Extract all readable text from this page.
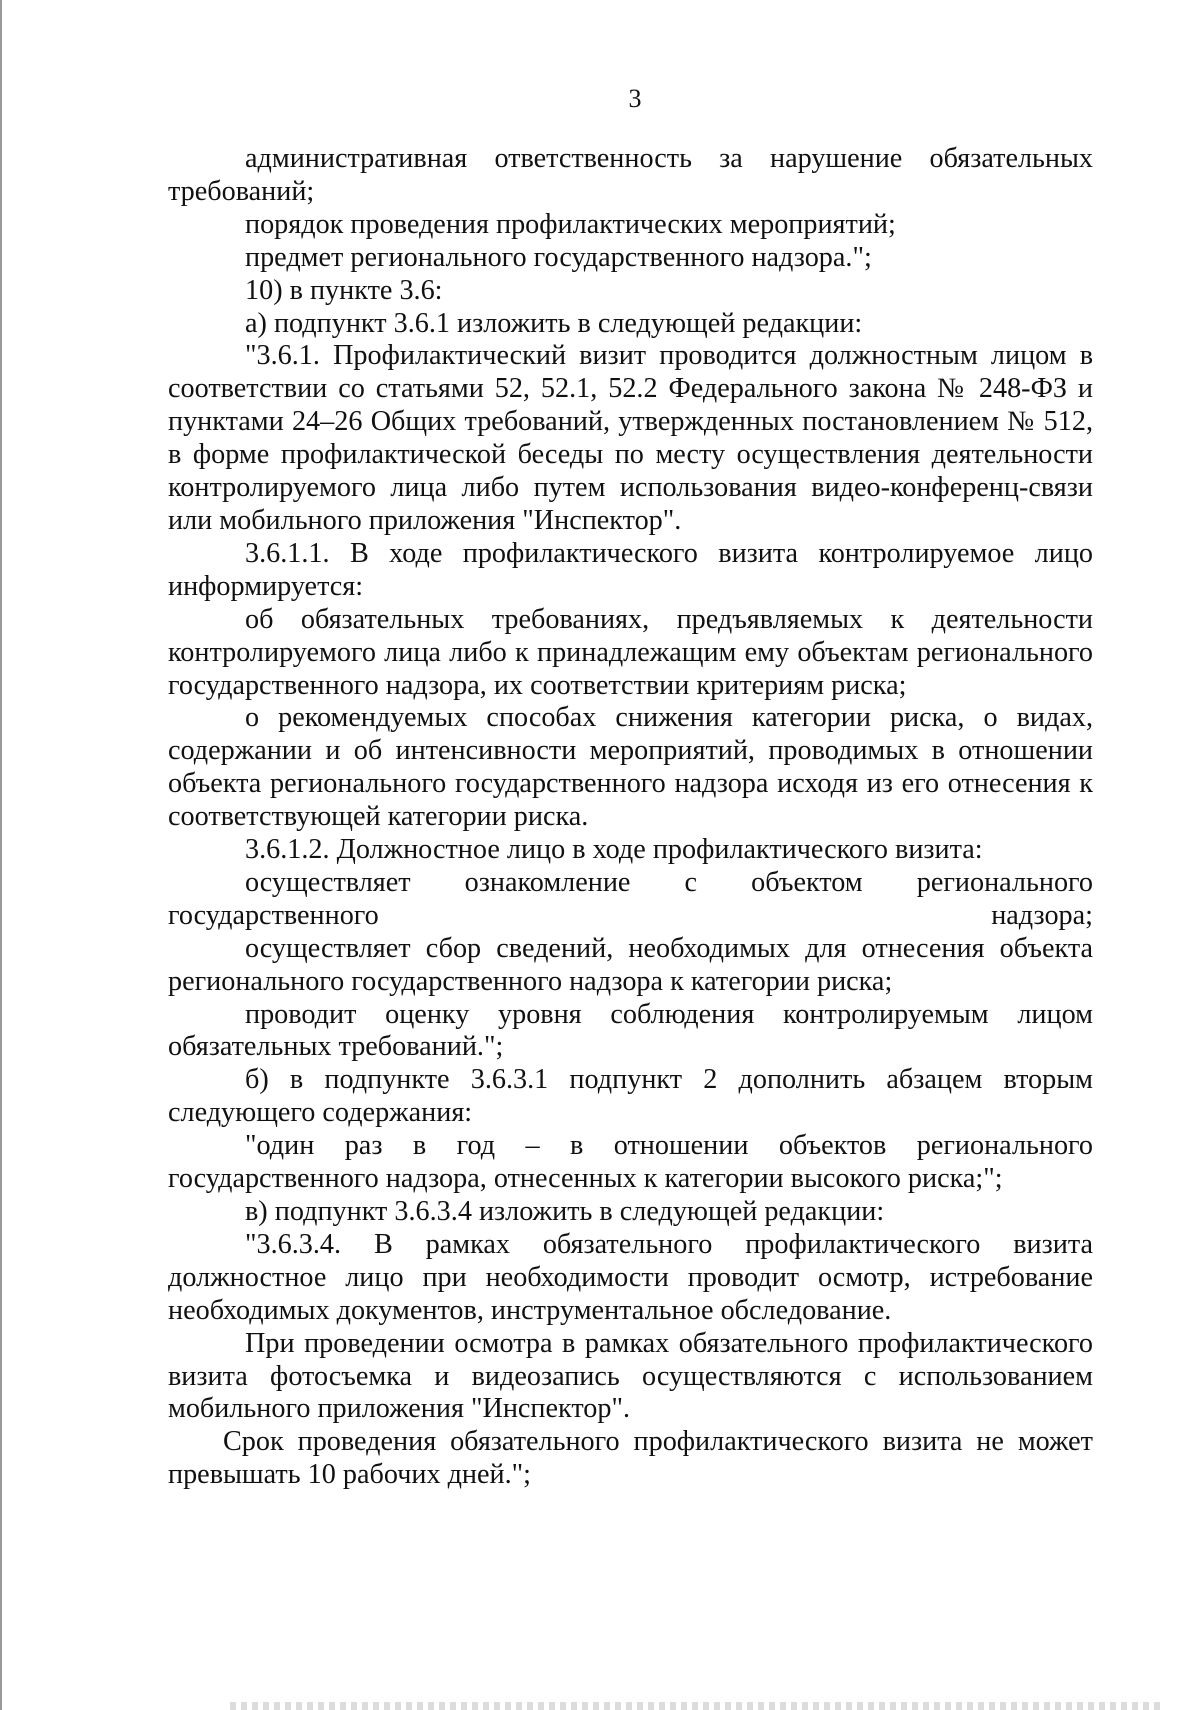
3

административная ответственность за нарушение обязательных требований;

порядок проведения профилактических мероприятий;

предмет регионального государственного надзора.";

10) в пункте 3.6:

а) подпункт 3.6.1 изложить в следующей редакции:

"3.6.1. Профилактический визит проводится должностным лицом в соответствии со статьями 52, 52.1, 52.2 Федерального закона № 248-ФЗ и пунктами 24–26 Общих требований, утвержденных постановлением № 512, в форме профилактической беседы по месту осуществления деятельности контролируемого лица либо путем использования видео-конференц-связи или мобильного приложения "Инспектор".

3.6.1.1. В ходе профилактического визита контролируемое лицо информируется:

об обязательных требованиях, предъявляемых к деятельности контролируемого лица либо к принадлежащим ему объектам регионального государственного надзора, их соответствии критериям риска;

о рекомендуемых способах снижения категории риска, о видах, содержании и об интенсивности мероприятий, проводимых в отношении объекта регионального государственного надзора исходя из его отнесения к соответствующей категории риска.

3.6.1.2. Должностное лицо в ходе профилактического визита:

осуществляет ознакомление с объектом регионального государственного надзора;

осуществляет сбор сведений, необходимых для отнесения объекта регионального государственного надзора к категории риска;

проводит оценку уровня соблюдения контролируемым лицом обязательных требований.";

б) в подпункте 3.6.3.1 подпункт 2 дополнить абзацем вторым следующего содержания:

"один раз в год – в отношении объектов регионального государственного надзора, отнесенных к категории высокого риска;";

в) подпункт 3.6.3.4 изложить в следующей редакции:

"3.6.3.4. В рамках обязательного профилактического визита должностное лицо при необходимости проводит осмотр, истребование необходимых документов, инструментальное обследование.

При проведении осмотра в рамках обязательного профилактического визита фотосъемка и видеозапись осуществляются с использованием мобильного приложения "Инспектор".

Срок проведения обязательного профилактического визита не может превышать 10 рабочих дней.";
